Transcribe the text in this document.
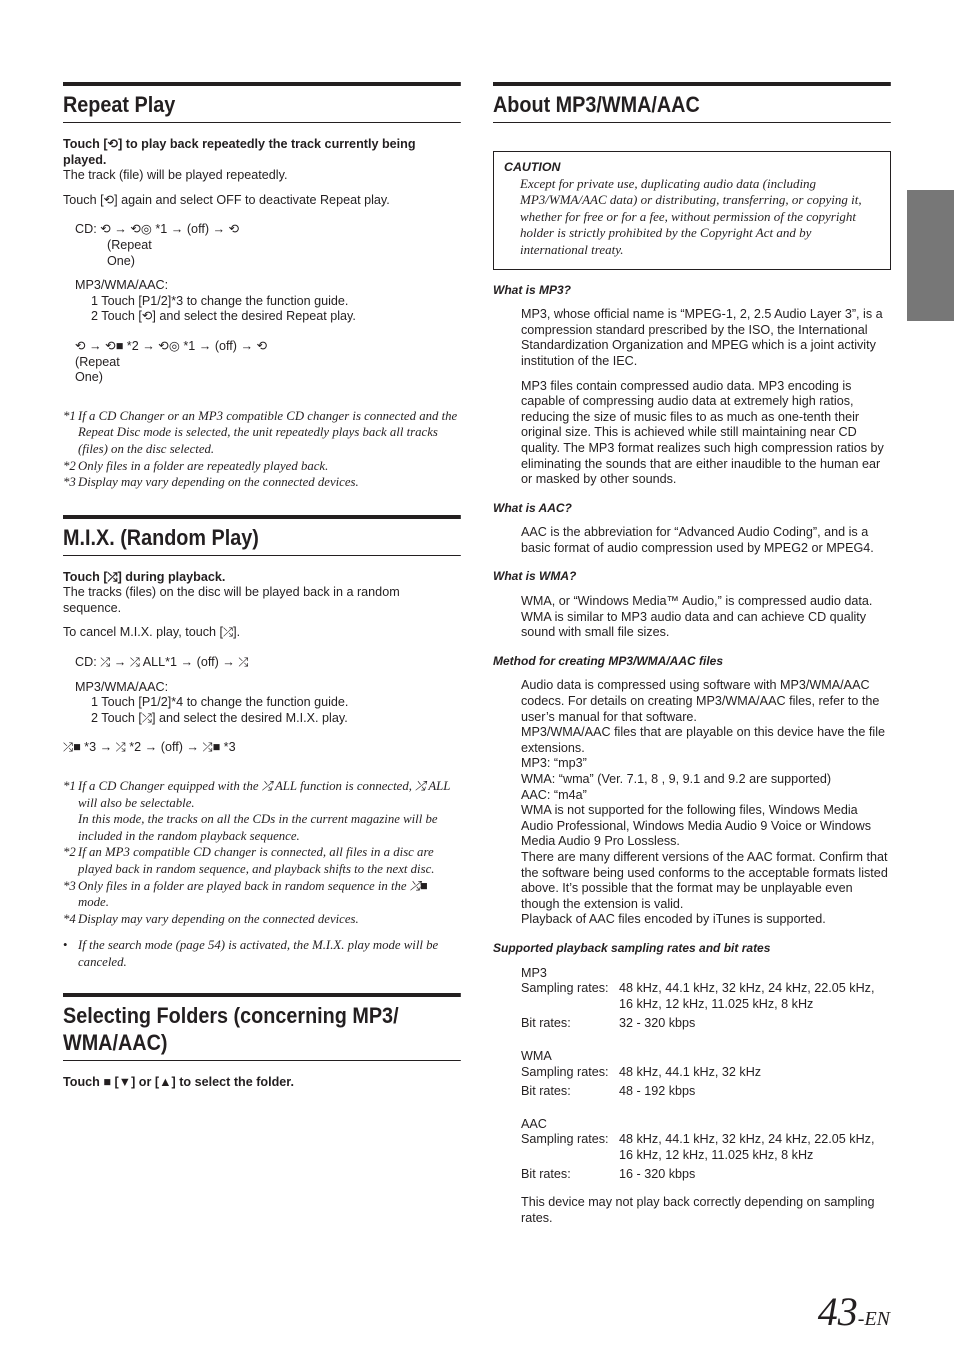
Repeat Play

Touch [⟲] to play back repeatedly the track currently being played.

The track (file) will be played repeatedly.

Touch [⟲] again and select OFF to deactivate Repeat play.

CD: ⟲ → ⟲◎ *1 → (off) → ⟲

(Repeat

One)

MP3/WMA/AAC:

1 Touch [P1/2]*3 to change the function guide.

2 Touch [⟲] and select the desired Repeat play.

⟲ → ⟲■ *2 → ⟲◎ *1 → (off) → ⟲

(Repeat

One)

*1 If a CD Changer or an MP3 compatible CD changer is connected and the Repeat Disc mode is selected, the unit repeatedly plays back all tracks (files) on the disc selected.
*2 Only files in a folder are repeatedly played back.
*3 Display may vary depending on the connected devices.
M.I.X. (Random Play)

Touch [⤮] during playback.

The tracks (files) on the disc will be played back in a random sequence.

To cancel M.I.X. play, touch [⤮].

CD: ⤮ → ⤮ ALL*1 → (off) → ⤮

MP3/WMA/AAC:

1 Touch [P1/2]*4 to change the function guide.

2 Touch [⤮] and select the desired M.I.X. play.

⤮■ *3 → ⤮ *2 → (off) → ⤮■ *3

*1 If a CD Changer equipped with the ⤮ ALL function is connected, ⤮ ALL will also be selectable.
In this mode, the tracks on all the CDs in the current magazine will be included in the random playback sequence.
*2 If an MP3 compatible CD changer is connected, all files in a disc are played back in random sequence, and playback shifts to the next disc.
*3 Only files in a folder are played back in random sequence in the ⤮■ mode.
*4 Display may vary depending on the connected devices.
• If the search mode (page 54) is activated, the M.I.X. play mode will be canceled.
Selecting Folders (concerning MP3/
WMA/AAC)

Touch ■ [▼] or [▲] to select the folder.

About MP3/WMA/AAC
CAUTION
Except for private use, duplicating audio data (including MP3/WMA/AAC data) or distributing, transferring, or copying it, whether for free or for a fee, without permission of the copyright holder is strictly prohibited by the Copyright Act and by international treaty.

What is MP3?

MP3, whose official name is “MPEG-1, 2, 2.5 Audio Layer 3”, is a compression standard prescribed by the ISO, the International Standardization Organization and MPEG which is a joint activity institution of the IEC.

MP3 files contain compressed audio data. MP3 encoding is capable of compressing audio data at extremely high ratios, reducing the size of music files to as much as one-tenth their original size. This is achieved while still maintaining near CD quality. The MP3 format realizes such high compression ratios by eliminating the sounds that are either inaudible to the human ear or masked by other sounds.

What is AAC?

AAC is the abbreviation for “Advanced Audio Coding”, and is a basic format of audio compression used by MPEG2 or MPEG4.

What is WMA?

WMA, or “Windows Media™ Audio,” is compressed audio data. WMA is similar to MP3 audio data and can achieve CD quality sound with small file sizes.

Method for creating MP3/WMA/AAC files

Audio data is compressed using software with MP3/WMA/AAC codecs. For details on creating MP3/WMA/AAC files, refer to the user’s manual for that software.
MP3/WMA/AAC files that are playable on this device have the file extensions.
MP3: “mp3”
WMA: “wma” (Ver. 7.1, 8 , 9, 9.1 and 9.2 are supported)
AAC: “m4a”
WMA is not supported for the following files, Windows Media Audio Professional, Windows Media Audio 9 Voice or Windows Media Audio 9 Pro Lossless.

There are many different versions of the AAC format. Confirm that the software being used conforms to the acceptable formats listed above. It’s possible that the format may be unplayable even though the extension is valid.
Playback of AAC files encoded by iTunes is supported.

Supported playback sampling rates and bit rates

MP3
Sampling rates:	48 kHz, 44.1 kHz, 32 kHz, 24 kHz, 22.05 kHz, 16 kHz, 12 kHz, 11.025 kHz, 8 kHz
Bit rates:	32 - 320 kbps
WMA
Sampling rates:	48 kHz, 44.1 kHz, 32 kHz
Bit rates:	48 - 192 kbps
AAC
Sampling rates:	48 kHz, 44.1 kHz, 32 kHz, 24 kHz, 22.05 kHz, 16 kHz, 12 kHz, 11.025 kHz, 8 kHz
Bit rates:	16 - 320 kbps

This device may not play back correctly depending on sampling rates.

43-EN
